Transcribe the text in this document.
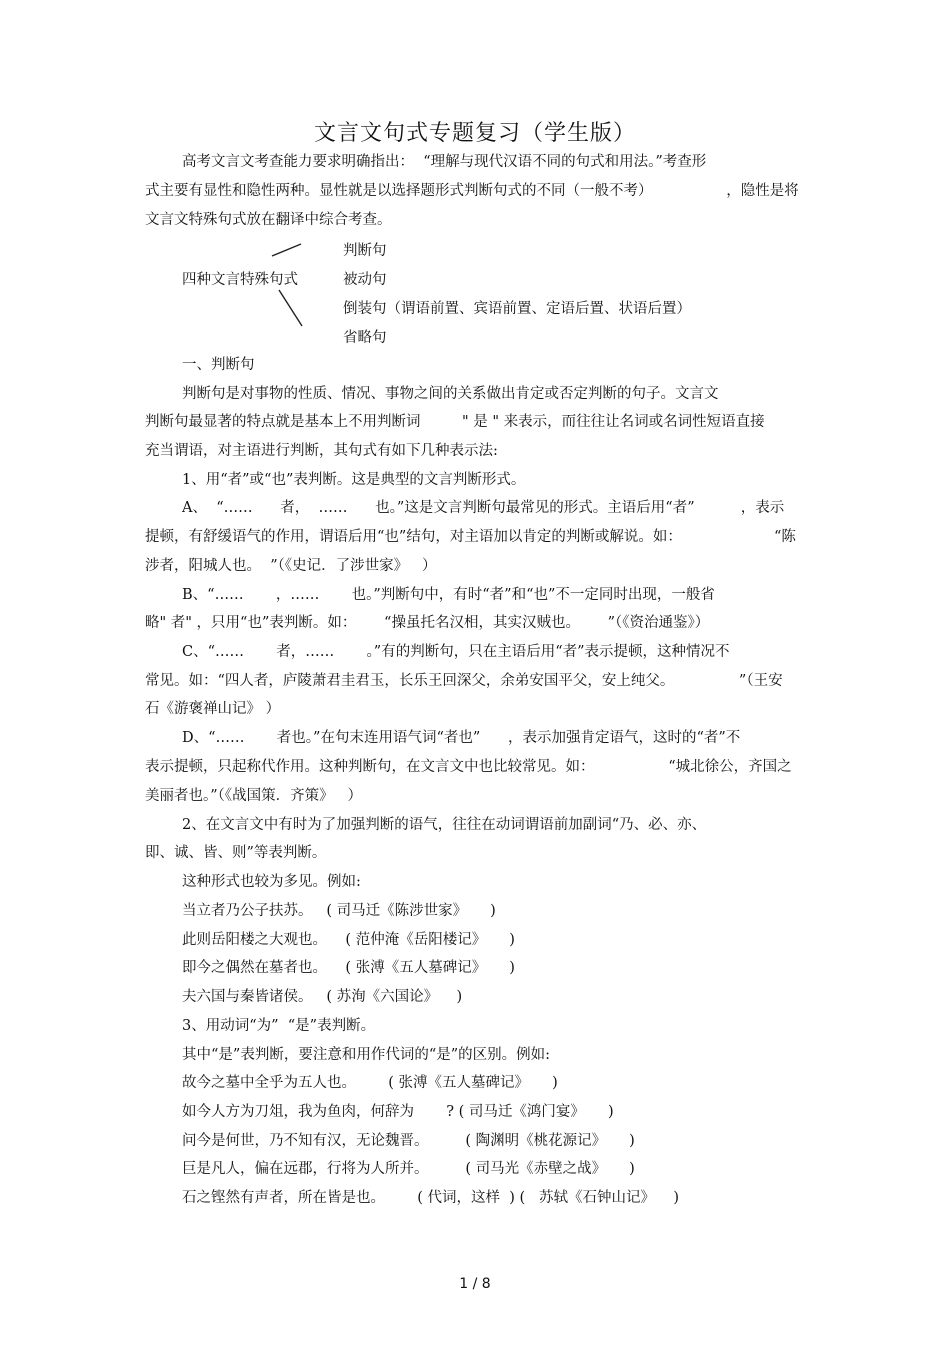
文言文句式专题复习（学生版）
高考文言文考查能力要求明确指出：  “理解与现代汉语不同的句式和用法。”考查形
式主要有显性和隐性两种。显性就是以选择题形式判断句式的不同（一般不考）                ，隐性是将
文言文特殊句式放在翻译中综合考查。
四种文言特殊句式
判断句
被动句
倒装句（谓语前置、宾语前置、定语后置、状语后置）
省略句
一、判断句
判断句是对事物的性质、情况、事物之间的关系做出肯定或否定判断的句子。文言文
判断句最显著的特点就是基本上不用判断词         " 是 " 来表示，而往往让名词或名词性短语直接
充当谓语，对主语进行判断，其句式有如下几种表示法:
1、用“者”或“也”表判断。这是典型的文言判断形式。
A、  “……      者，  ……      也。”这是文言判断句最常见的形式。主语后用“者”          ，表示
提顿，有舒缓语气的作用，谓语后用“也”结句，对主语加以肯定的判断或解说。如：                    “陈
涉者，阳城人也。  ”（《史记．了涉世家》   ）
B、“……       ，……       也。”判断句中，有时“者”和“也”不一定同时出现，一般省
略" 者" ，只用“也”表判断。如：      “操虽托名汉相，其实汉贼也。      ”（《资治通鉴》）
C、“……       者，……       。”有的判断句，只在主语后用“者”表示提顿，这种情况不
常见。如：“四人者，庐陵萧君圭君玉，长乐王回深父，余弟安国平父，安上纯父。              ”（王安
石《游褒禅山记》 ）
D、“……       者也。”在句末连用语气词“者也”      ，表示加强肯定语气，这时的“者”不
表示提顿，只起称代作用。这种判断句，在文言文中也比较常见。如：                “城北徐公，齐国之
美丽者也。”（《战国策．齐策》   ）
2、在文言文中有时为了加强判断的语气，往往在动词谓语前加副词“乃、必、亦、
即、诚、皆、则”等表判断。
这种形式也较为多见。例如:
当立者乃公子扶苏。   ( 司马迁《陈涉世家》     )
此则岳阳楼之大观也。    ( 范仲淹《岳阳楼记》     )
即今之偶然在墓者也。    ( 张溥《五人墓碑记》     )
夫六国与秦皆诸侯。   ( 苏洵《六国论》    )
3、用动词“为”  “是”表判断。
其中“是”表判断，要注意和用作代词的“是”的区别。例如:
故今之墓中全乎为五人也。       ( 张溥《五人墓碑记》     )
如今人方为刀俎，我为鱼肉，何辞为       ? ( 司马迁《鸿门宴》     )
问今是何世，乃不知有汉，无论魏晋。        ( 陶渊明《桃花源记》     )
巨是凡人，偏在远郡，行将为人所并。        ( 司马光《赤壁之战》     )
石之铿然有声者，所在皆是也。       ( 代词，这样  ) (   苏轼《石钟山记》    )
1 / 8
